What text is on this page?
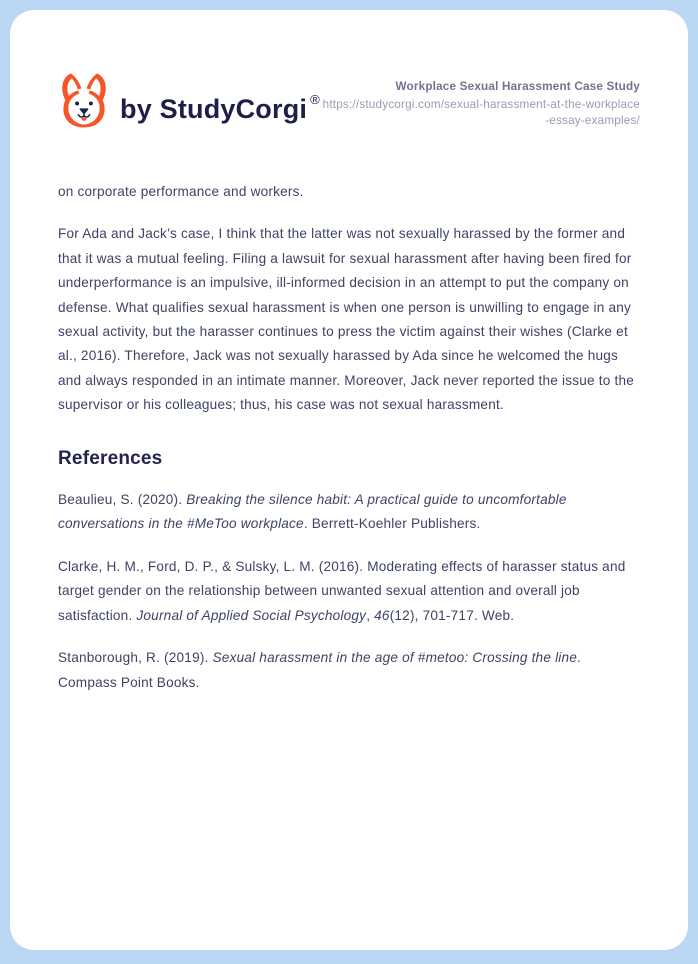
by StudyCorgi ®
Workplace Sexual Harassment Case Study
https://studycorgi.com/sexual-harassment-at-the-workplace-essay-examples/

on corporate performance and workers.

For Ada and Jack’s case, I think that the latter was not sexually harassed by the former and that it was a mutual feeling. Filing a lawsuit for sexual harassment after having been fired for underperformance is an impulsive, ill-informed decision in an attempt to put the company on defense. What qualifies sexual harassment is when one person is unwilling to engage in any sexual activity, but the harasser continues to press the victim against their wishes (Clarke et al., 2016). Therefore, Jack was not sexually harassed by Ada since he welcomed the hugs and always responded in an intimate manner. Moreover, Jack never reported the issue to the supervisor or his colleagues; thus, his case was not sexual harassment.

References

Beaulieu, S. (2020). Breaking the silence habit: A practical guide to uncomfortable conversations in the #MeToo workplace. Berrett-Koehler Publishers.

Clarke, H. M., Ford, D. P., & Sulsky, L. M. (2016). Moderating effects of harasser status and target gender on the relationship between unwanted sexual attention and overall job satisfaction. Journal of Applied Social Psychology, 46(12), 701-717. Web.

Stanborough, R. (2019). Sexual harassment in the age of #metoo: Crossing the line. Compass Point Books.
